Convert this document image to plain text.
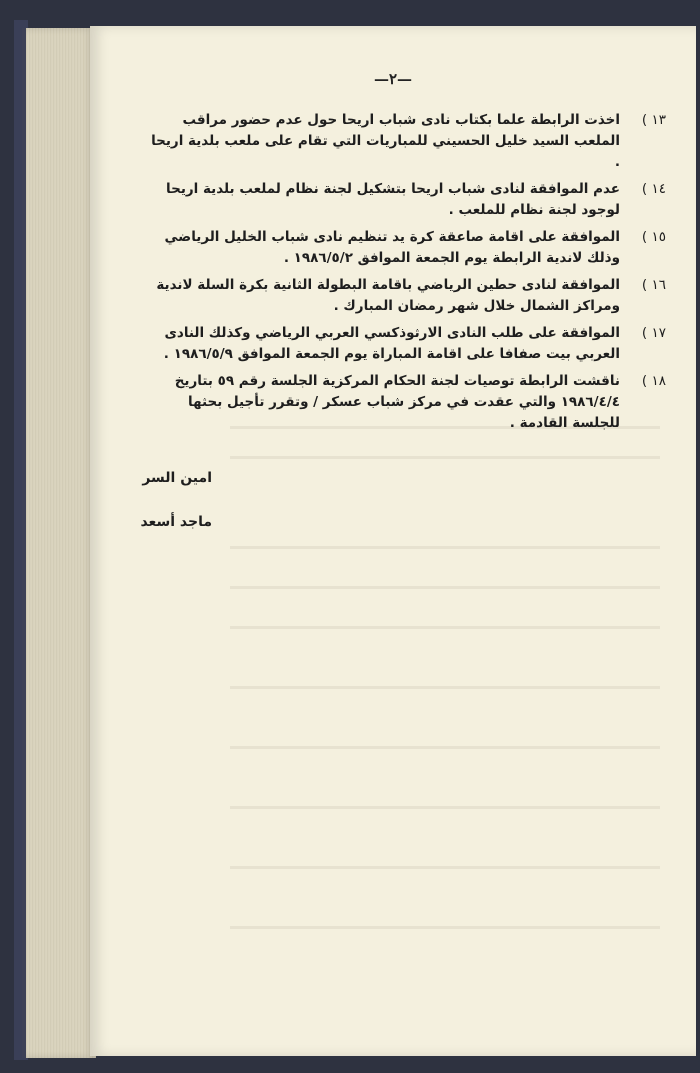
—٢—
١٣ )
اخذت الرابطة علما بكتاب نادى شباب اريحا حول عدم حضور مراقب الملعب السيد خليل الحسيني للمباريات التي تقام على ملعب بلدية اريحا .
١٤ )
عدم الموافقة لنادى شباب اريحا بتشكيل لجنة نظام لملعب بلدية اريحا لوجود لجنة نظام للملعب .
١٥ )
الموافقة على اقامة صاعقة كرة يد تنظيم نادى شباب الخليل الرياضي وذلك لاندية الرابطة يوم الجمعة الموافق ١٩٨٦/٥/٢ .
١٦ )
الموافقة لنادى حطين الرياضي باقامة البطولة الثانية بكرة السلة لاندية ومراكز الشمال خلال شهر رمضان المبارك .
١٧ )
الموافقة على طلب النادى الارثوذكسي العربي الرياضي وكذلك النادى العربي بيت صفافا على اقامة المباراة يوم الجمعة الموافق ١٩٨٦/٥/٩ .
١٨ )
ناقشت الرابطة توصيات لجنة الحكام المركزية الجلسة رقم ٥٩ بتاريخ ١٩٨٦/٤/٤ والتي عقدت في مركز شباب عسكر / وتقرر تأجيل بحثها للجلسة القادمة .
امين السر
ماجد أسعد
